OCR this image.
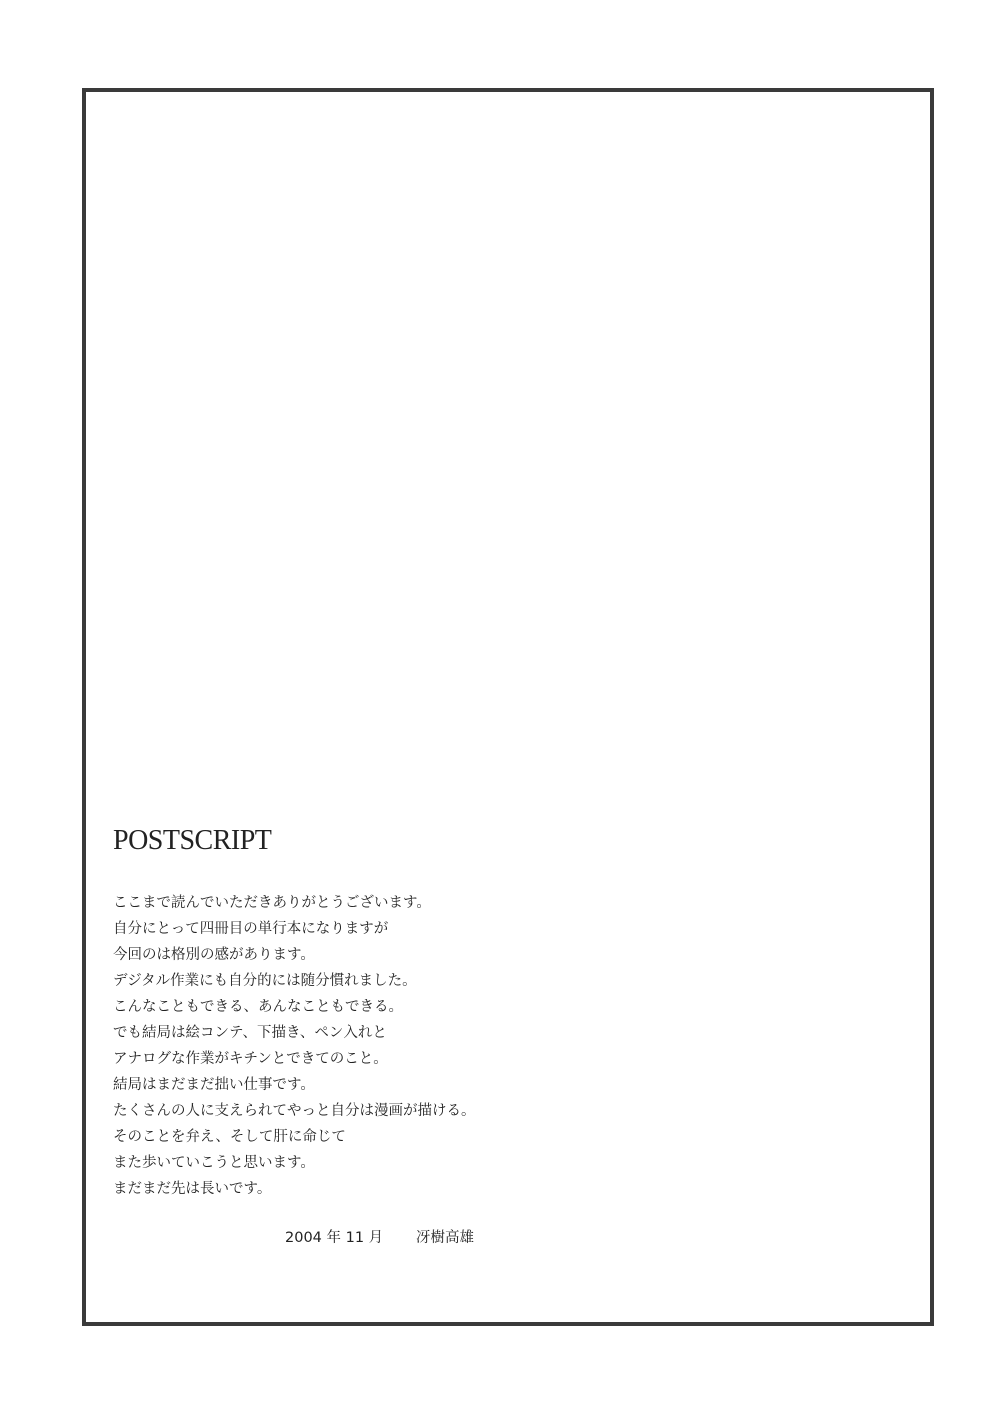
POSTSCRIPT
ここまで読んでいただきありがとうございます。
自分にとって四冊目の単行本になりますが
今回のは格別の感があります。
デジタル作業にも自分的には随分慣れました。
こんなこともできる、あんなこともできる。
でも結局は絵コンテ、下描き、ペン入れと
アナログな作業がキチンとできてのこと。
結局はまだまだ拙い仕事です。
たくさんの人に支えられてやっと自分は漫画が描ける。
そのことを弁え、そして肝に命じて
また歩いていこうと思います。
まだまだ先は長いです。
2004 年 11 月 冴樹高雄
